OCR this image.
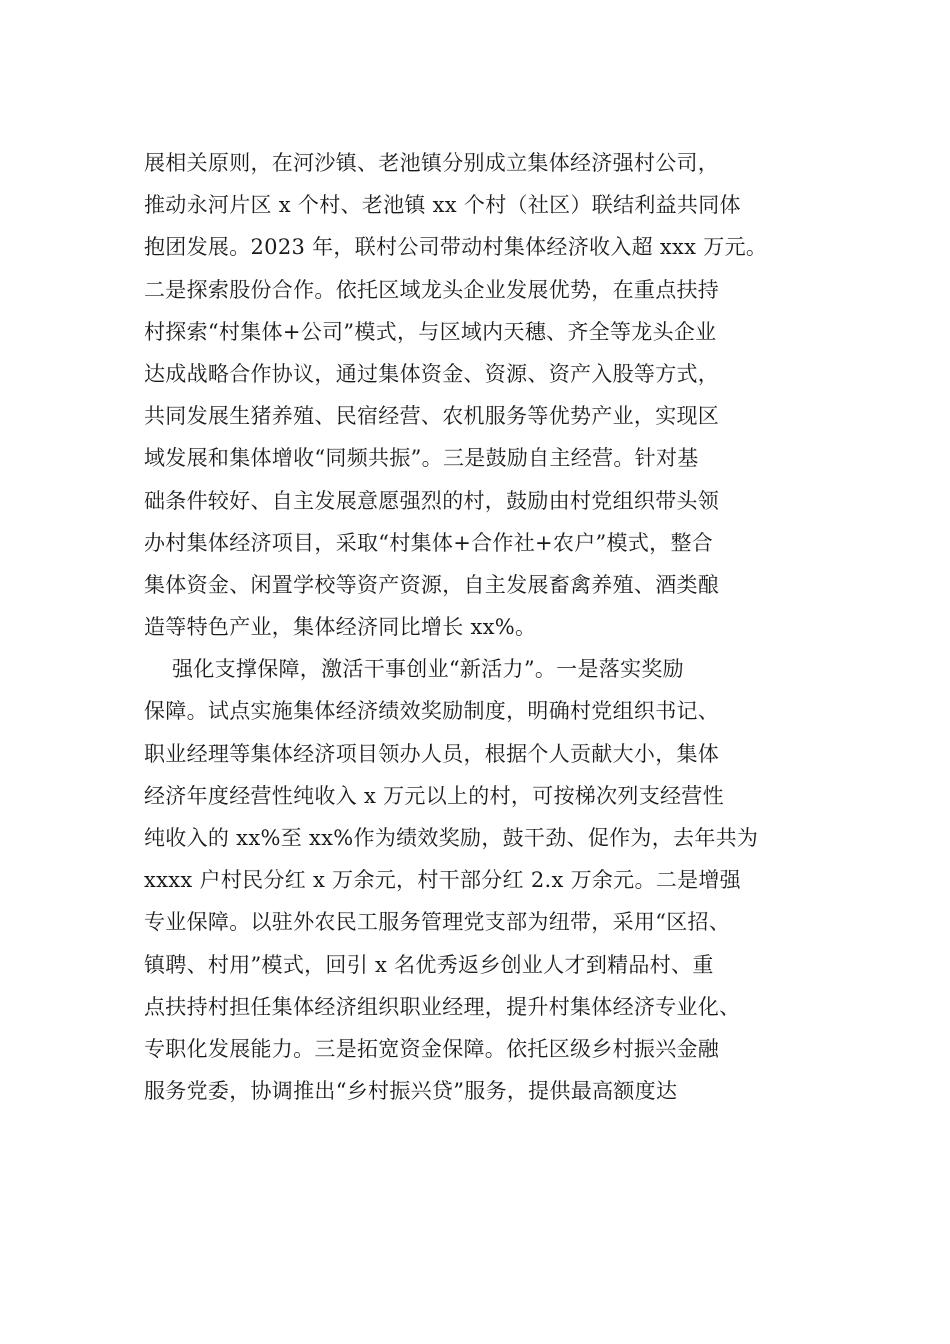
展相关原则，在河沙镇、老池镇分别成立集体经济强村公司，
推动永河片区 x 个村、老池镇 xx 个村（社区）联结利益共同体
抱团发展。2023 年，联村公司带动村集体经济收入超 xxx 万元。
二是探索股份合作。依托区域龙头企业发展优势，在重点扶持
村探索“村集体+公司”模式，与区域内天穗、齐全等龙头企业
达成战略合作协议，通过集体资金、资源、资产入股等方式，
共同发展生猪养殖、民宿经营、农机服务等优势产业，实现区
域发展和集体增收“同频共振”。三是鼓励自主经营。针对基
础条件较好、自主发展意愿强烈的村，鼓励由村党组织带头领
办村集体经济项目，采取“村集体+合作社+农户”模式，整合
集体资金、闲置学校等资产资源，自主发展畜禽养殖、酒类酿
造等特色产业，集体经济同比增长 xx%。
强化支撑保障，激活干事创业“新活力”。一是落实奖励
保障。试点实施集体经济绩效奖励制度，明确村党组织书记、
职业经理等集体经济项目领办人员，根据个人贡献大小，集体
经济年度经营性纯收入 x 万元以上的村，可按梯次列支经营性
纯收入的 xx%至 xx%作为绩效奖励，鼓干劲、促作为，去年共为
xxxx 户村民分红 x 万余元，村干部分红 2.x 万余元。二是增强
专业保障。以驻外农民工服务管理党支部为纽带，采用“区招、
镇聘、村用”模式，回引 x 名优秀返乡创业人才到精品村、重
点扶持村担任集体经济组织职业经理，提升村集体经济专业化、
专职化发展能力。三是拓宽资金保障。依托区级乡村振兴金融
服务党委，协调推出“乡村振兴贷”服务，提供最高额度达
